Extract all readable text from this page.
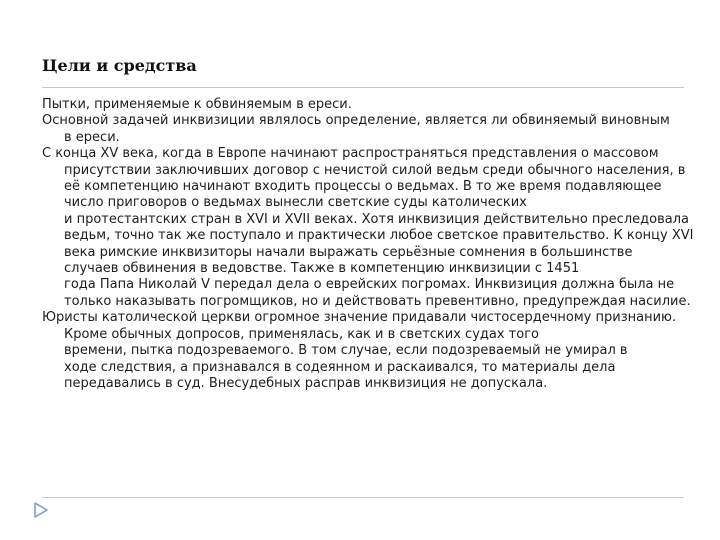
Цели и средства
Пытки, применяемые к обвиняемым в ереси.
Основной задачей инквизиции являлось определение, является ли обвиняемый виновным
в ереси.
С конца XV века, когда в Европе начинают распространяться представления о массовом
присутствии заключивших договор с нечистой силой ведьм среди обычного населения, в
её компетенцию начинают входить процессы о ведьмах. В то же время подавляющее
число приговоров о ведьмах вынесли светские суды католических
и протестантских стран в XVI и XVII веках. Хотя инквизиция действительно преследовала
ведьм, точно так же поступало и практически любое светское правительство. К концу XVI
века римские инквизиторы начали выражать серьёзные сомнения в большинстве
случаев обвинения в ведовстве. Также в компетенцию инквизиции с 1451
года Папа Николай V передал дела о еврейских погромах. Инквизиция должна была не
только наказывать погромщиков, но и действовать превентивно, предупреждая насилие.
Юристы католической церкви огромное значение придавали чистосердечному признанию.
Кроме обычных допросов, применялась, как и в светских судах того
времени, пытка подозреваемого. В том случае, если подозреваемый не умирал в
ходе следствия, а признавался в содеянном и раскаивался, то материалы дела
передавались в суд. Внесудебных расправ инквизиция не допускала.
